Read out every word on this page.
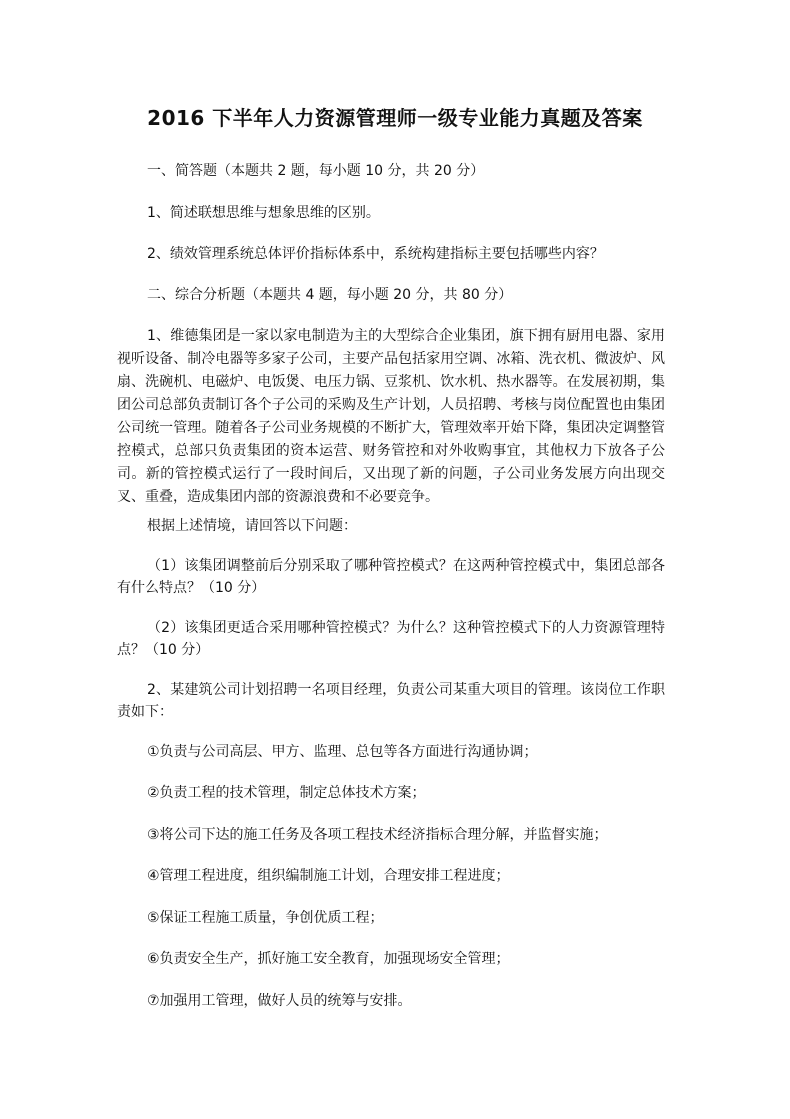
2016 下半年人力资源管理师一级专业能力真题及答案

一、简答题（本题共 2 题，每小题 10 分，共 20 分）

1、简述联想思维与想象思维的区别。

2、绩效管理系统总体评价指标体系中，系统构建指标主要包括哪些内容？

二、综合分析题（本题共 4 题，每小题 20 分，共 80 分）

1、维德集团是一家以家电制造为主的大型综合企业集团，旗下拥有厨用电器、家用视听设备、制冷电器等多家子公司，主要产品包括家用空调、冰箱、洗衣机、微波炉、风扇、洗碗机、电磁炉、电饭煲、电压力锅、豆浆机、饮水机、热水器等。在发展初期，集团公司总部负责制订各个子公司的采购及生产计划，人员招聘、考核与岗位配置也由集团公司统一管理。随着各子公司业务规模的不断扩大，管理效率开始下降，集团决定调整管控模式，总部只负责集团的资本运营、财务管控和对外收购事宜，其他权力下放各子公司。新的管控模式运行了一段时间后，又出现了新的问题，子公司业务发展方向出现交叉、重叠，造成集团内部的资源浪费和不必要竞争。

根据上述情境，请回答以下问题：

（1）该集团调整前后分别采取了哪种管控模式？在这两种管控模式中，集团总部各有什么特点？（10 分）

（2）该集团更适合采用哪种管控模式？为什么？这种管控模式下的人力资源管理特点？（10 分）

2、某建筑公司计划招聘一名项目经理，负责公司某重大项目的管理。该岗位工作职责如下：

①负责与公司高层、甲方、监理、总包等各方面进行沟通协调；

②负责工程的技术管理，制定总体技术方案；

③将公司下达的施工任务及各项工程技术经济指标合理分解，并监督实施；

④管理工程进度，组织编制施工计划，合理安排工程进度；

⑤保证工程施工质量，争创优质工程；

⑥负责安全生产，抓好施工安全教育，加强现场安全管理；

⑦加强用工管理，做好人员的统筹与安排。
